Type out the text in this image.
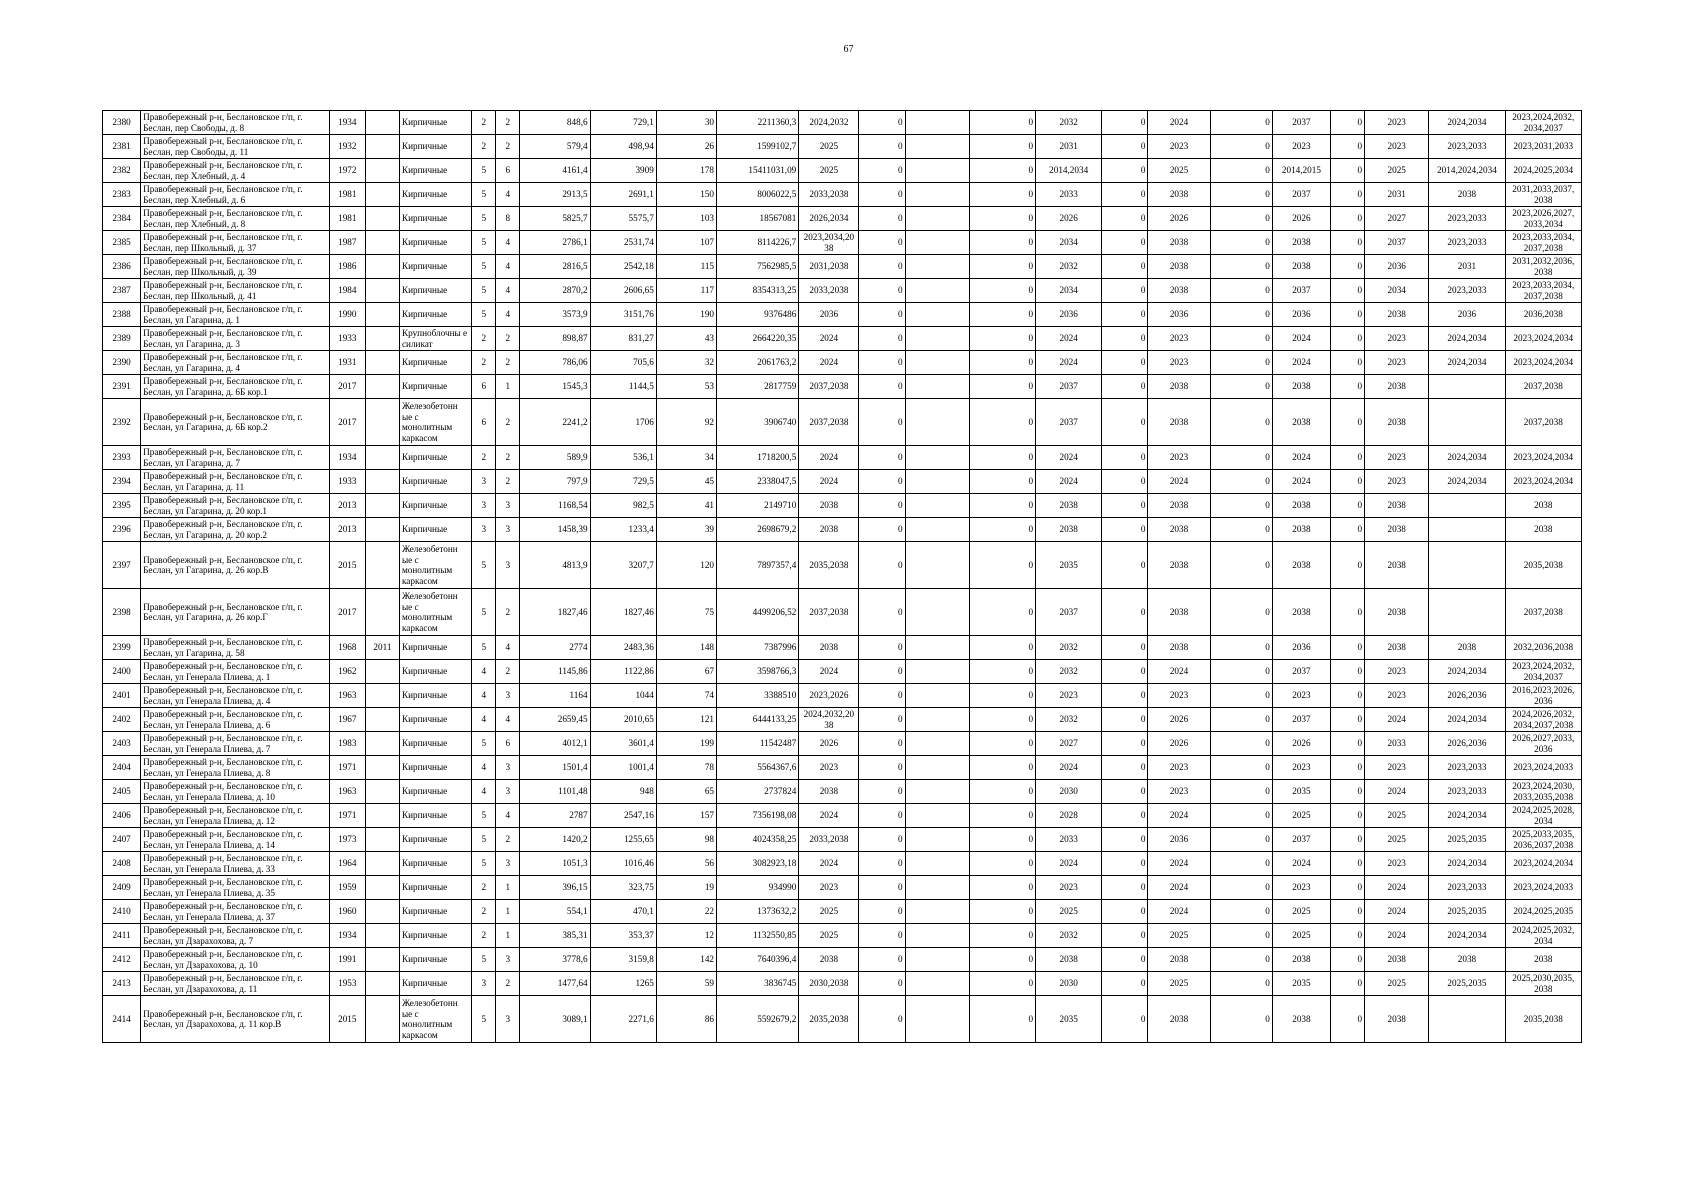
67
2380	Правобережный р-н, Беслановское г/п, г. Беслан, пер Свободы, д. 8	1934		Кирпичные	2	2	848,6	729,1	30	2211360,3	2024,2032	0		0	2032	0	2024	0	2037	0	2023	2024,2034	2023,2024,2032, 2034,2037
2381	Правобережный р-н, Беслановское г/п, г. Беслан, пер Свободы, д. 11	1932		Кирпичные	2	2	579,4	498,94	26	1599102,7	2025	0		0	2031	0	2023	0	2023	0	2023	2023,2033	2023,2031,2033
2382	Правобережный р-н, Беслановское г/п, г. Беслан, пер Хлебный, д. 4	1972		Кирпичные	5	6	4161,4	3909	178	15411031,09	2025	0		0	2014,2034	0	2025	0	2014,2015	0	2025	2014,2024,2034	2024,2025,2034
2383	Правобережный р-н, Беслановское г/п, г. Беслан, пер Хлебный, д. 6	1981		Кирпичные	5	4	2913,5	2691,1	150	8006022,5	2033,2038	0		0	2033	0	2038	0	2037	0	2031	2038	2031,2033,2037, 2038
2384	Правобережный р-н, Беслановское г/п, г. Беслан, пер Хлебный, д. 8	1981		Кирпичные	5	8	5825,7	5575,7	103	18567081	2026,2034	0		0	2026	0	2026	0	2026	0	2027	2023,2033	2023,2026,2027, 2033,2034
2385	Правобережный р-н, Беслановское г/п, г. Беслан, пер Школьный, д. 37	1987		Кирпичные	5	4	2786,1	2531,74	107	8114226,7	2023,2034,20 38	0		0	2034	0	2038	0	2038	0	2037	2023,2033	2023,2033,2034, 2037,2038
2386	Правобережный р-н, Беслановское г/п, г. Беслан, пер Школьный, д. 39	1986		Кирпичные	5	4	2816,5	2542,18	115	7562985,5	2031,2038	0		0	2032	0	2038	0	2038	0	2036	2031	2031,2032,2036, 2038
2387	Правобережный р-н, Беслановское г/п, г. Беслан, пер Школьный, д. 41	1984		Кирпичные	5	4	2870,2	2606,65	117	8354313,25	2033,2038	0		0	2034	0	2038	0	2037	0	2034	2023,2033	2023,2033,2034, 2037,2038
2388	Правобережный р-н, Беслановское г/п, г. Беслан, ул Гагарина, д. 1	1990		Кирпичные	5	4	3573,9	3151,76	190	9376486	2036	0		0	2036	0	2036	0	2036	0	2038	2036	2036,2038
2389	Правобережный р-н, Беслановское г/п, г. Беслан, ул Гагарина, д. 3	1933		Крупноблочны е силикат	2	2	898,87	831,27	43	2664220,35	2024	0		0	2024	0	2023	0	2024	0	2023	2024,2034	2023,2024,2034
2390	Правобережный р-н, Беслановское г/п, г. Беслан, ул Гагарина, д. 4	1931		Кирпичные	2	2	786,06	705,6	32	2061763,2	2024	0		0	2024	0	2023	0	2024	0	2023	2024,2034	2023,2024,2034
2391	Правобережный р-н, Беслановское г/п, г. Беслан, ул Гагарина, д. 6Б кор.1	2017		Кирпичные	6	1	1545,3	1144,5	53	2817759	2037,2038	0		0	2037	0	2038	0	2038	0	2038		2037,2038
2392	Правобережный р-н, Беслановское г/п, г. Беслан, ул Гагарина, д. 6Б кор.2	2017		Железобетонн ые с монолитным каркасом	6	2	2241,2	1706	92	3906740	2037,2038	0		0	2037	0	2038	0	2038	0	2038		2037,2038
2393	Правобережный р-н, Беслановское г/п, г. Беслан, ул Гагарина, д. 7	1934		Кирпичные	2	2	589,9	536,1	34	1718200,5	2024	0		0	2024	0	2023	0	2024	0	2023	2024,2034	2023,2024,2034
2394	Правобережный р-н, Беслановское г/п, г. Беслан, ул Гагарина, д. 11	1933		Кирпичные	3	2	797,9	729,5	45	2338047,5	2024	0		0	2024	0	2024	0	2024	0	2023	2024,2034	2023,2024,2034
2395	Правобережный р-н, Беслановское г/п, г. Беслан, ул Гагарина, д. 20 кор.1	2013		Кирпичные	3	3	1168,54	982,5	41	2149710	2038	0		0	2038	0	2038	0	2038	0	2038		2038
2396	Правобережный р-н, Беслановское г/п, г. Беслан, ул Гагарина, д. 20 кор.2	2013		Кирпичные	3	3	1458,39	1233,4	39	2698679,2	2038	0		0	2038	0	2038	0	2038	0	2038		2038
2397	Правобережный р-н, Беслановское г/п, г. Беслан, ул Гагарина, д. 26 кор.В	2015		Железобетонн ые с монолитным каркасом	5	3	4813,9	3207,7	120	7897357,4	2035,2038	0		0	2035	0	2038	0	2038	0	2038		2035,2038
2398	Правобережный р-н, Беслановское г/п, г. Беслан, ул Гагарина, д. 26 кор.Г	2017		Железобетонн ые с монолитным каркасом	5	2	1827,46	1827,46	75	4499206,52	2037,2038	0		0	2037	0	2038	0	2038	0	2038		2037,2038
2399	Правобережный р-н, Беслановское г/п, г. Беслан, ул Гагарина, д. 58	1968	2011	Кирпичные	5	4	2774	2483,36	148	7387996	2038	0		0	2032	0	2038	0	2036	0	2038	2038	2032,2036,2038
2400	Правобережный р-н, Беслановское г/п, г. Беслан, ул Генерала Плиева, д. 1	1962		Кирпичные	4	2	1145,86	1122,86	67	3598766,3	2024	0		0	2032	0	2024	0	2037	0	2023	2024,2034	2023,2024,2032, 2034,2037
2401	Правобережный р-н, Беслановское г/п, г. Беслан, ул Генерала Плиева, д. 4	1963		Кирпичные	4	3	1164	1044	74	3388510	2023,2026	0		0	2023	0	2023	0	2023	0	2023	2026,2036	2016,2023,2026, 2036
2402	Правобережный р-н, Беслановское г/п, г. Беслан, ул Генерала Плиева, д. 6	1967		Кирпичные	4	4	2659,45	2010,65	121	6444133,25	2024,2032,20 38	0		0	2032	0	2026	0	2037	0	2024	2024,2034	2024,2026,2032, 2034,2037,2038
2403	Правобережный р-н, Беслановское г/п, г. Беслан, ул Генерала Плиева, д. 7	1983		Кирпичные	5	6	4012,1	3601,4	199	11542487	2026	0		0	2027	0	2026	0	2026	0	2033	2026,2036	2026,2027,2033, 2036
2404	Правобережный р-н, Беслановское г/п, г. Беслан, ул Генерала Плиева, д. 8	1971		Кирпичные	4	3	1501,4	1001,4	78	5564367,6	2023	0		0	2024	0	2023	0	2023	0	2023	2023,2033	2023,2024,2033
2405	Правобережный р-н, Беслановское г/п, г. Беслан, ул Генерала Плиева, д. 10	1963		Кирпичные	4	3	1101,48	948	65	2737824	2038	0		0	2030	0	2023	0	2035	0	2024	2023,2033	2023,2024,2030, 2033,2035,2038
2406	Правобережный р-н, Беслановское г/п, г. Беслан, ул Генерала Плиева, д. 12	1971		Кирпичные	5	4	2787	2547,16	157	7356198,08	2024	0		0	2028	0	2024	0	2025	0	2025	2024,2034	2024,2025,2028, 2034
2407	Правобережный р-н, Беслановское г/п, г. Беслан, ул Генерала Плиева, д. 14	1973		Кирпичные	5	2	1420,2	1255,65	98	4024358,25	2033,2038	0		0	2033	0	2036	0	2037	0	2025	2025,2035	2025,2033,2035, 2036,2037,2038
2408	Правобережный р-н, Беслановское г/п, г. Беслан, ул Генерала Плиева, д. 33	1964		Кирпичные	5	3	1051,3	1016,46	56	3082923,18	2024	0		0	2024	0	2024	0	2024	0	2023	2024,2034	2023,2024,2034
2409	Правобережный р-н, Беслановское г/п, г. Беслан, ул Генерала Плиева, д. 35	1959		Кирпичные	2	1	396,15	323,75	19	934990	2023	0		0	2023	0	2024	0	2023	0	2024	2023,2033	2023,2024,2033
2410	Правобережный р-н, Беслановское г/п, г. Беслан, ул Генерала Плиева, д. 37	1960		Кирпичные	2	1	554,1	470,1	22	1373632,2	2025	0		0	2025	0	2024	0	2025	0	2024	2025,2035	2024,2025,2035
2411	Правобережный р-н, Беслановское г/п, г. Беслан, ул Дзарахохова, д. 7	1934		Кирпичные	2	1	385,31	353,37	12	1132550,85	2025	0		0	2032	0	2025	0	2025	0	2024	2024,2034	2024,2025,2032, 2034
2412	Правобережный р-н, Беслановское г/п, г. Беслан, ул Дзарахохова, д. 10	1991		Кирпичные	5	3	3778,6	3159,8	142	7640396,4	2038	0		0	2038	0	2038	0	2038	0	2038	2038	2038
2413	Правобережный р-н, Беслановское г/п, г. Беслан, ул Дзарахохова, д. 11	1953		Кирпичные	3	2	1477,64	1265	59	3836745	2030,2038	0		0	2030	0	2025	0	2035	0	2025	2025,2035	2025,2030,2035, 2038
2414	Правобережный р-н, Беслановское г/п, г. Беслан, ул Дзарахохова, д. 11 кор.В	2015		Железобетонн ые с монолитным каркасом	5	3	3089,1	2271,6	86	5592679,2	2035,2038	0		0	2035	0	2038	0	2038	0	2038		2035,2038
